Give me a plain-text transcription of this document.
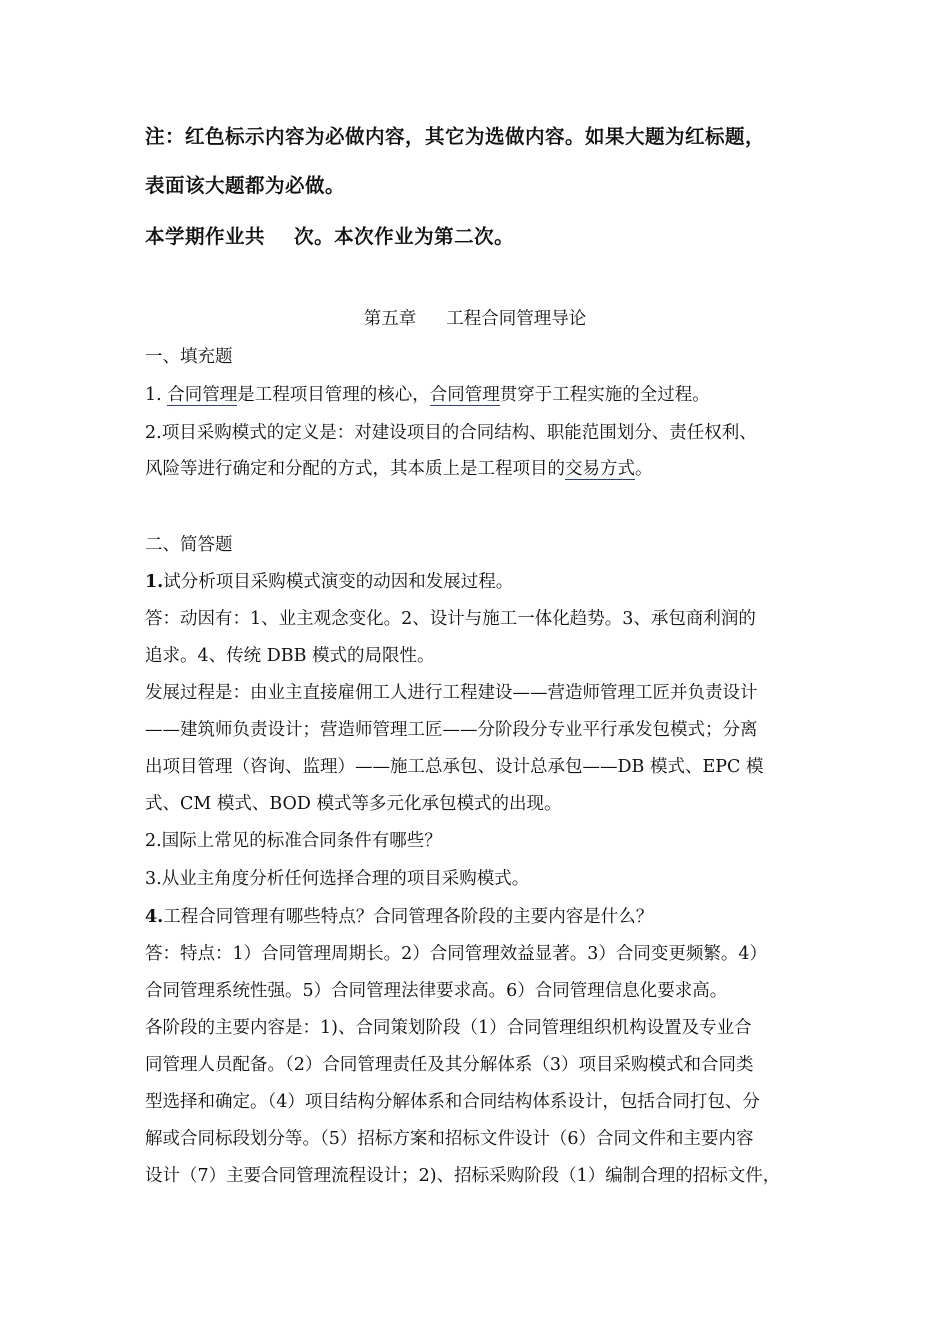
注：红色标示内容为必做内容，其它为选做内容。如果大题为红标题，
表面该大题都为必做。
本学期作业共    次。本次作业为第二次。
第五章 工程合同管理导论
一、填充题
1. 合同管理是工程项目管理的核心，合同管理贯穿于工程实施的全过程。
2.项目采购模式的定义是：对建设项目的合同结构、职能范围划分、责任权利、
风险等进行确定和分配的方式，其本质上是工程项目的交易方式。
二、简答题
1.试分析项目采购模式演变的动因和发展过程。
答：动因有：1、业主观念变化。2、设计与施工一体化趋势。3、承包商利润的
追求。4、传统 DBB 模式的局限性。
发展过程是：由业主直接雇佣工人进行工程建设——营造师管理工匠并负责设计
——建筑师负责设计；营造师管理工匠——分阶段分专业平行承发包模式；分离
出项目管理（咨询、监理）——施工总承包、设计总承包——DB 模式、EPC 模
式、CM 模式、BOD 模式等多元化承包模式的出现。
2.国际上常见的标准合同条件有哪些？
3.从业主角度分析任何选择合理的项目采购模式。
4.工程合同管理有哪些特点？合同管理各阶段的主要内容是什么？
答：特点：1）合同管理周期长。2）合同管理效益显著。3）合同变更频繁。4）
合同管理系统性强。5）合同管理法律要求高。6）合同管理信息化要求高。
各阶段的主要内容是：1)、合同策划阶段（1）合同管理组织机构设置及专业合
同管理人员配备。（2）合同管理责任及其分解体系（3）项目采购模式和合同类
型选择和确定。（4）项目结构分解体系和合同结构体系设计，包括合同打包、分
解或合同标段划分等。（5）招标方案和招标文件设计（6）合同文件和主要内容
设计（7）主要合同管理流程设计；2)、招标采购阶段（1）编制合理的招标文件，
